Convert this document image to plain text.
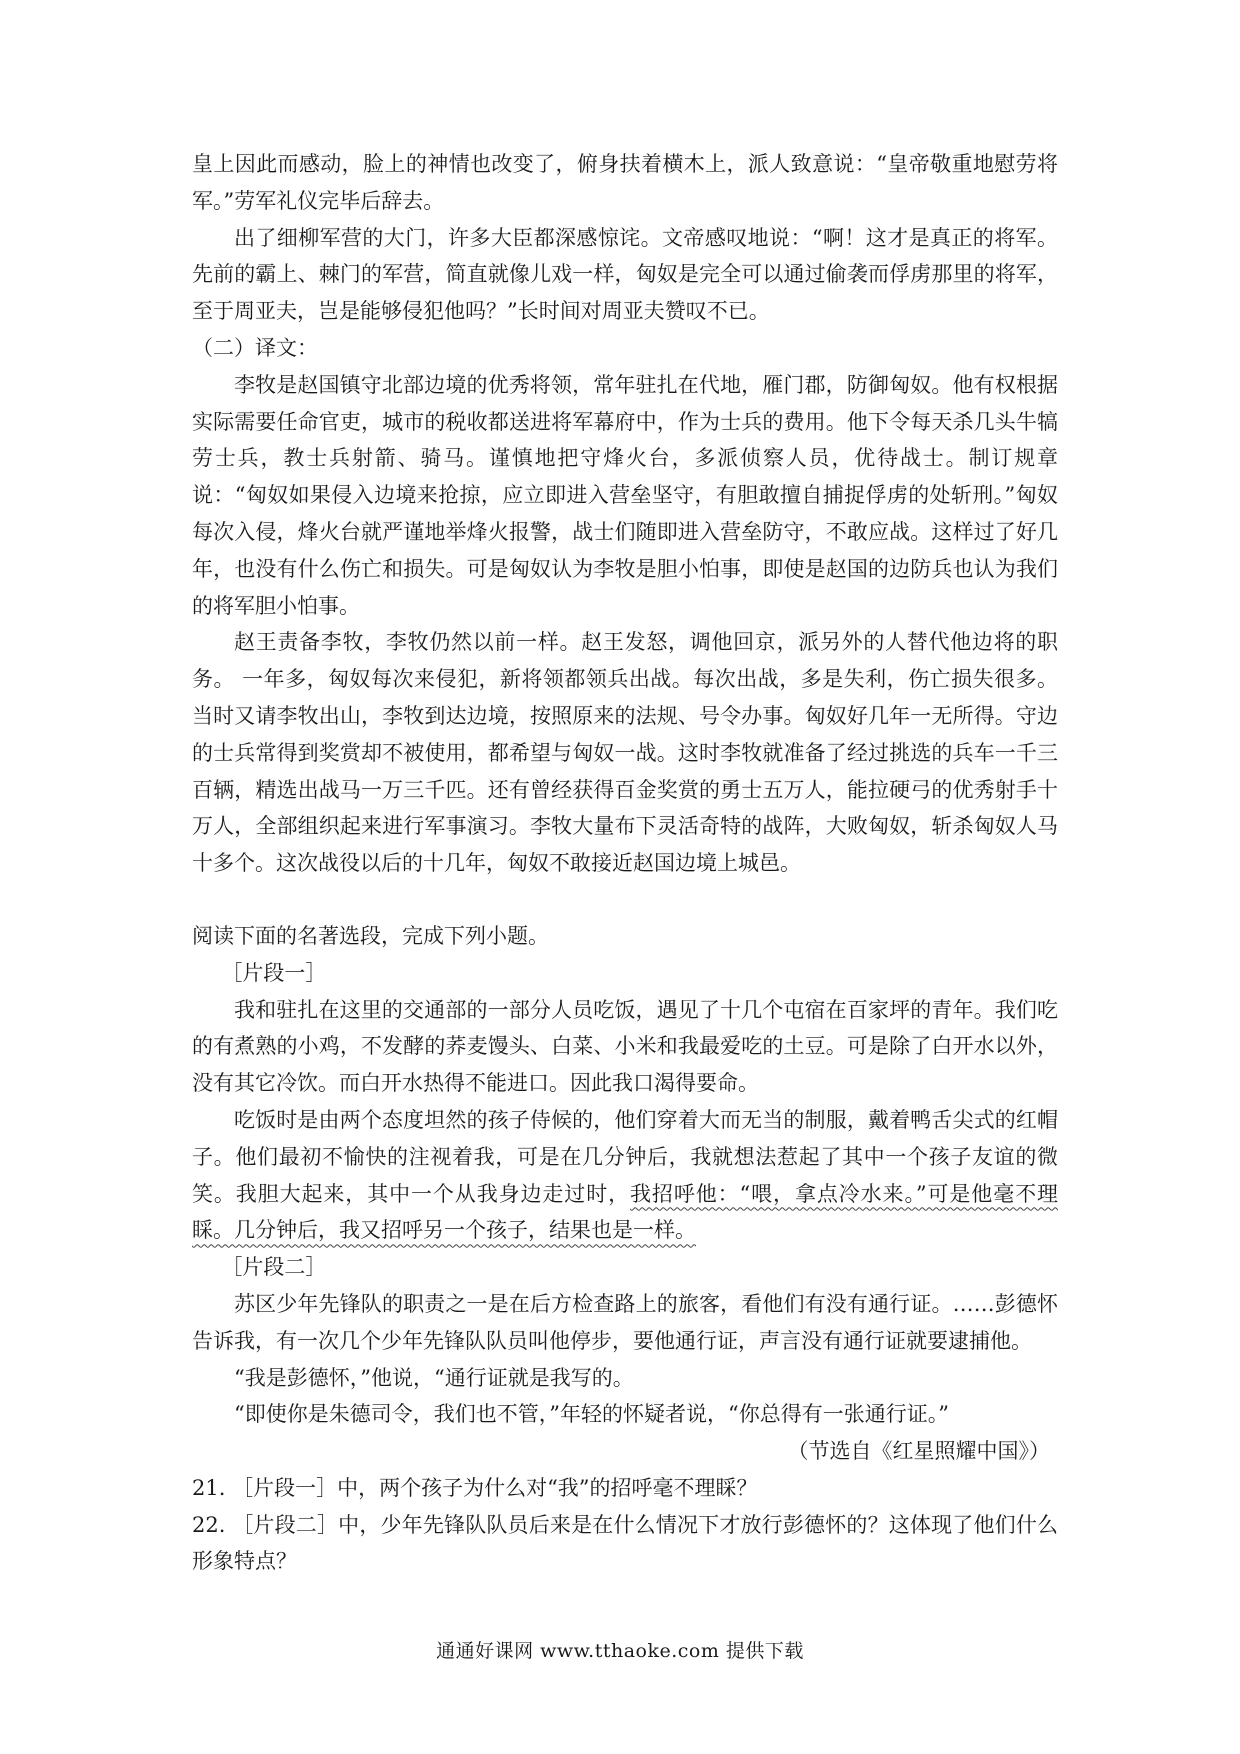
皇上因此而感动，脸上的神情也改变了，俯身扶着横木上，派人致意说：“皇帝敬重地慰劳将军。”劳军礼仪完毕后辞去。

出了细柳军营的大门，许多大臣都深感惊诧。文帝感叹地说：“啊！这才是真正的将军。先前的霸上、棘门的军营，简直就像儿戏一样，匈奴是完全可以通过偷袭而俘虏那里的将军，至于周亚夫，岂是能够侵犯他吗？”长时间对周亚夫赞叹不已。

（二）译文：

李牧是赵国镇守北部边境的优秀将领，常年驻扎在代地，雁门郡，防御匈奴。他有权根据实际需要任命官吏，城市的税收都送进将军幕府中，作为士兵的费用。他下令每天杀几头牛犒劳士兵，教士兵射箭、骑马。谨慎地把守烽火台，多派侦察人员，优待战士。制订规章说：“匈奴如果侵入边境来抢掠，应立即进入营垒坚守，有胆敢擅自捕捉俘虏的处斩刑。”匈奴每次入侵，烽火台就严谨地举烽火报警，战士们随即进入营垒防守，不敢应战。这样过了好几年，也没有什么伤亡和损失。可是匈奴认为李牧是胆小怕事，即使是赵国的边防兵也认为我们的将军胆小怕事。

赵王责备李牧，李牧仍然以前一样。赵王发怒，调他回京，派另外的人替代他边将的职务。 一年多，匈奴每次来侵犯，新将领都领兵出战。每次出战，多是失利，伤亡损失很多。当时又请李牧出山，李牧到达边境，按照原来的法规、号令办事。匈奴好几年一无所得。守边的士兵常得到奖赏却不被使用，都希望与匈奴一战。这时李牧就准备了经过挑选的兵车一千三百辆，精选出战马一万三千匹。还有曾经获得百金奖赏的勇士五万人，能拉硬弓的优秀射手十万人，全部组织起来进行军事演习。李牧大量布下灵活奇特的战阵，大败匈奴，斩杀匈奴人马十多个。这次战役以后的十几年，匈奴不敢接近赵国边境上城邑。

阅读下面的名著选段，完成下列小题。

［片段一］

我和驻扎在这里的交通部的一部分人员吃饭，遇见了十几个屯宿在百家坪的青年。我们吃的有煮熟的小鸡，不发酵的荞麦馒头、白菜、小米和我最爱吃的土豆。可是除了白开水以外，没有其它冷饮。而白开水热得不能进口。因此我口渴得要命。

吃饭时是由两个态度坦然的孩子侍候的，他们穿着大而无当的制服，戴着鸭舌尖式的红帽子。他们最初不愉快的注视着我，可是在几分钟后，我就想法惹起了其中一个孩子友谊的微笑。我胆大起来，其中一个从我身边走过时，我招呼他：“喂，拿点冷水来。”可是他毫不理睬。几分钟后，我又招呼另一个孩子，结果也是一样。

［片段二］

苏区少年先锋队的职责之一是在后方检查路上的旅客，看他们有没有通行证。……彭德怀告诉我，有一次几个少年先锋队队员叫他停步，要他通行证，声言没有通行证就要逮捕他。

“我是彭德怀，”他说，“通行证就是我写的。

“即使你是朱德司令，我们也不管，”年轻的怀疑者说，“你总得有一张通行证。”

（节选自《红星照耀中国》）

21. ［片段一］中，两个孩子为什么对“我”的招呼毫不理睬？

22. ［片段二］中，少年先锋队队员后来是在什么情况下才放行彭德怀的？这体现了他们什么形象特点？

通通好课网 www.tthaoke.com 提供下载
